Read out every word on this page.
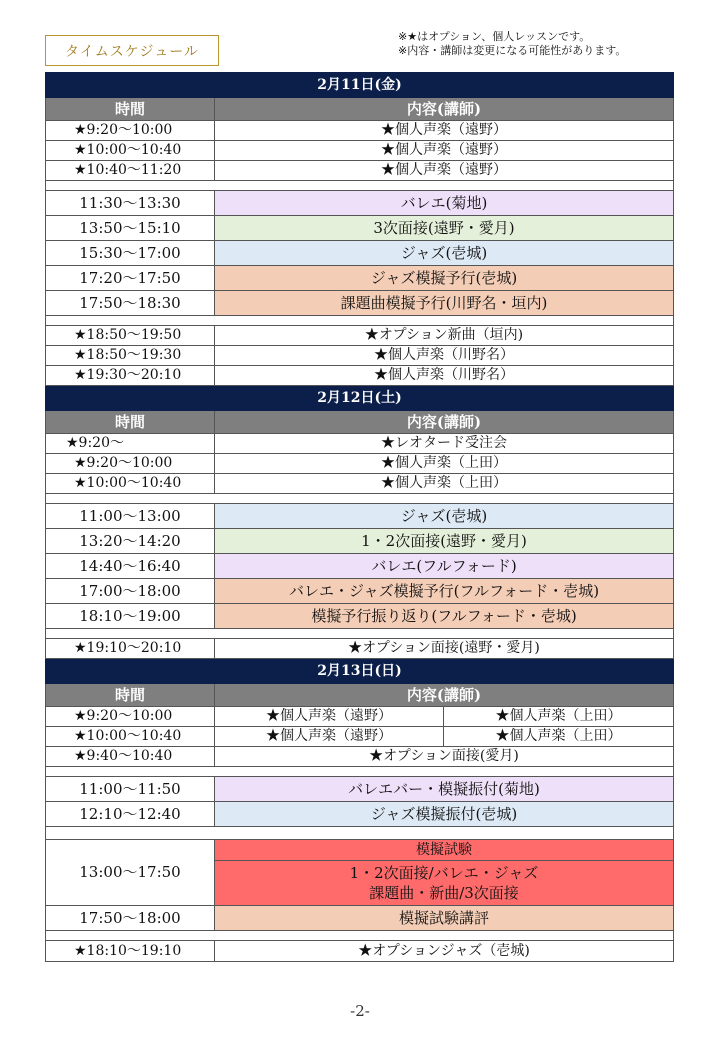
タイムスケジュール
※★はオプション、個人レッスンです。
※内容・講師は変更になる可能性があります。
2月11日(金)		
時間	内容(講師)	
★9:20〜10:00	★個人声楽（遠野）	
★10:00〜10:40	★個人声楽（遠野）	
★10:40〜11:20	★個人声楽（遠野）	

11:30〜13:30	バレエ(菊地)	
13:50〜15:10	3次面接(遠野・愛月)	
15:30〜17:00	ジャズ(壱城)	
17:20〜17:50	ジャズ模擬予行(壱城)	
17:50〜18:30	課題曲模擬予行(川野名・垣内)	

★18:50〜19:50	★オプション新曲（垣内)	
★18:50〜19:30	★個人声楽（川野名）	
★19:30〜20:10	★個人声楽（川野名）	
2月12日(土)		
時間	内容(講師)	
★9:20〜	★レオタード受注会	
★9:20〜10:00	★個人声楽（上田）	
★10:00〜10:40	★個人声楽（上田）	

11:00〜13:00	ジャズ(壱城)	
13:20〜14:20	1・2次面接(遠野・愛月)	
14:40〜16:40	バレエ(フルフォード)	
17:00〜18:00	バレエ・ジャズ模擬予行(フルフォード・壱城)	
18:10〜19:00	模擬予行振り返り(フルフォード・壱城)	

★19:10〜20:10	★オプション面接(遠野・愛月)	
2月13日(日)		
時間	内容(講師)	
★9:20〜10:00	★個人声楽（遠野）	★個人声楽（上田）
★10:00〜10:40	★個人声楽（遠野）	★個人声楽（上田）
★9:40〜10:40	★オプション面接(愛月)	

11:00〜11:50	バレエバー・模擬振付(菊地)	
12:10〜12:40	ジャズ模擬振付(壱城)	

13:00〜17:50	模擬試験	
	1・2次面接/バレエ・ジャズ
課題曲・新曲/3次面接	
17:50〜18:00	模擬試験講評	

★18:10〜19:10	★オプションジャズ（壱城)	
-2-
